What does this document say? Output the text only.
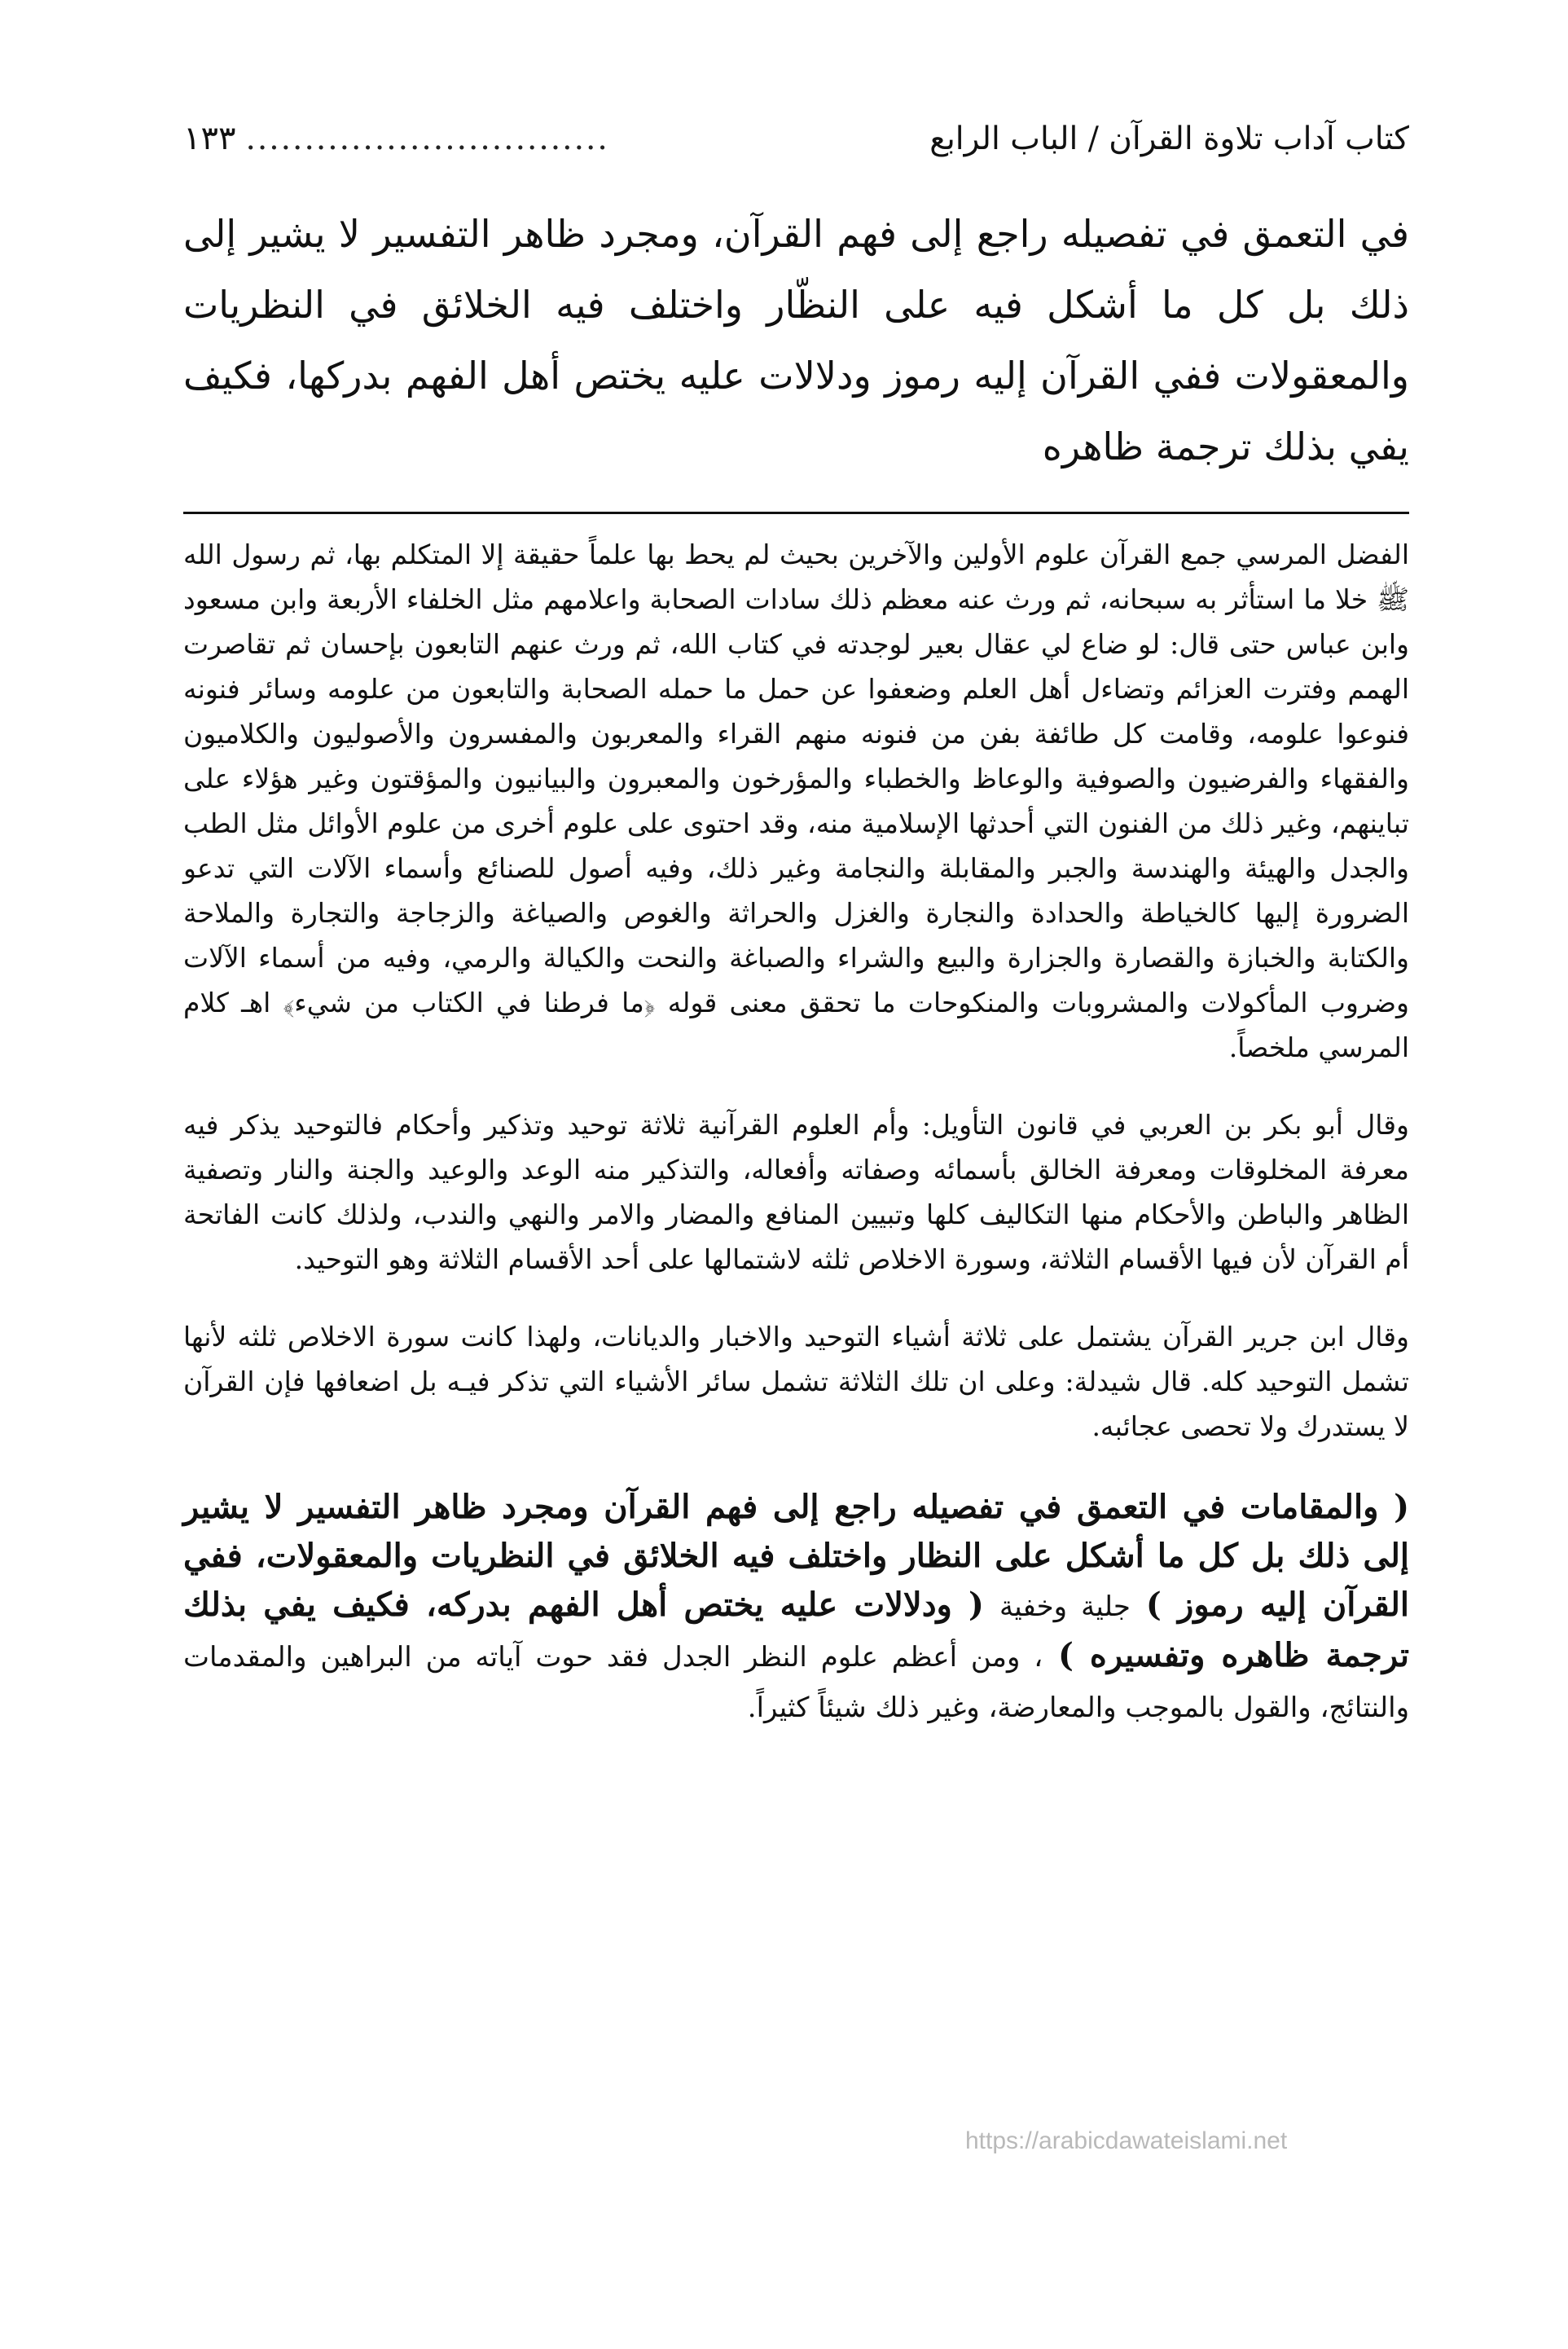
كتاب آداب تلاوة القرآن / الباب الرابع
...............................
١٣٣
في التعمق في تفصيله راجع إلى فهم القرآن، ومجرد ظاهر التفسير لا يشير إلى ذلك بل كل ما أشكل فيه على النظّار واختلف فيه الخلائق في النظريات والمعقولات ففي القرآن إليه رموز ودلالات عليه يختص أهل الفهم بدركها، فكيف يفي بذلك ترجمة ظاهره

الفضل المرسي جمع القرآن علوم الأولين والآخرين بحيث لم يحط بها علماً حقيقة إلا المتكلم بها، ثم رسول الله ﷺ خلا ما استأثر به سبحانه، ثم ورث عنه معظم ذلك سادات الصحابة واعلامهم مثل الخلفاء الأربعة وابن مسعود وابن عباس حتى قال: لو ضاع لي عقال بعير لوجدته في كتاب الله، ثم ورث عنهم التابعون بإحسان ثم تقاصرت الهمم وفترت العزائم وتضاءل أهل العلم وضعفوا عن حمل ما حمله الصحابة والتابعون من علومه وسائر فنونه فنوعوا علومه، وقامت كل طائفة بفن من فنونه منهم القراء والمعربون والمفسرون والأصوليون والكلاميون والفقهاء والفرضيون والصوفية والوعاظ والخطباء والمؤرخون والمعبرون والبيانيون والمؤقتون وغير هؤلاء على تباينهم، وغير ذلك من الفنون التي أحدثها الإسلامية منه، وقد احتوى على علوم أخرى من علوم الأوائل مثل الطب والجدل والهيئة والهندسة والجبر والمقابلة والنجامة وغير ذلك، وفيه أصول للصنائع وأسماء الآلات التي تدعو الضرورة إليها كالخياطة والحدادة والنجارة والغزل والحراثة والغوص والصياغة والزجاجة والتجارة والملاحة والكتابة والخبازة والقصارة والجزارة والبيع والشراء والصباغة والنحت والكيالة والرمي، وفيه من أسماء الآلات وضروب المأكولات والمشروبات والمنكوحات ما تحقق معنى قوله ﴿ما فرطنا في الكتاب من شيء﴾ اهـ كلام المرسي ملخصاً.

وقال أبو بكر بن العربي في قانون التأويل: وأم العلوم القرآنية ثلاثة توحيد وتذكير وأحكام فالتوحيد يذكر فيه معرفة المخلوقات ومعرفة الخالق بأسمائه وصفاته وأفعاله، والتذكير منه الوعد والوعيد والجنة والنار وتصفية الظاهر والباطن والأحكام منها التكاليف كلها وتبيين المنافع والمضار والامر والنهي والندب، ولذلك كانت الفاتحة أم القرآن لأن فيها الأقسام الثلاثة، وسورة الاخلاص ثلثه لاشتمالها على أحد الأقسام الثلاثة وهو التوحيد.

وقال ابن جرير القرآن يشتمل على ثلاثة أشياء التوحيد والاخبار والديانات، ولهذا كانت سورة الاخلاص ثلثه لأنها تشمل التوحيد كله. قال شيدلة: وعلى ان تلك الثلاثة تشمل سائر الأشياء التي تذكر فيـه بل اضعافها فإن القرآن لا يستدرك ولا تحصى عجائبه.

( والمقامات في التعمق في تفصيله راجع إلى فهم القرآن ومجرد ظاهر التفسير لا يشير إلى ذلك بل كل ما أشكل على النظار واختلف فيه الخلائق في النظريات والمعقولات، ففي القرآن إليه رموز ) جلية وخفية ( ودلالات عليه يختص أهل الفهم بدركه، فكيف يفي بذلك ترجمة ظاهره وتفسيره ) ، ومن أعظم علوم النظر الجدل فقد حوت آياته من البراهين والمقدمات والنتائج، والقول بالموجب والمعارضة، وغير ذلك شيئاً كثيراً.
https://arabicdawateislami.net
